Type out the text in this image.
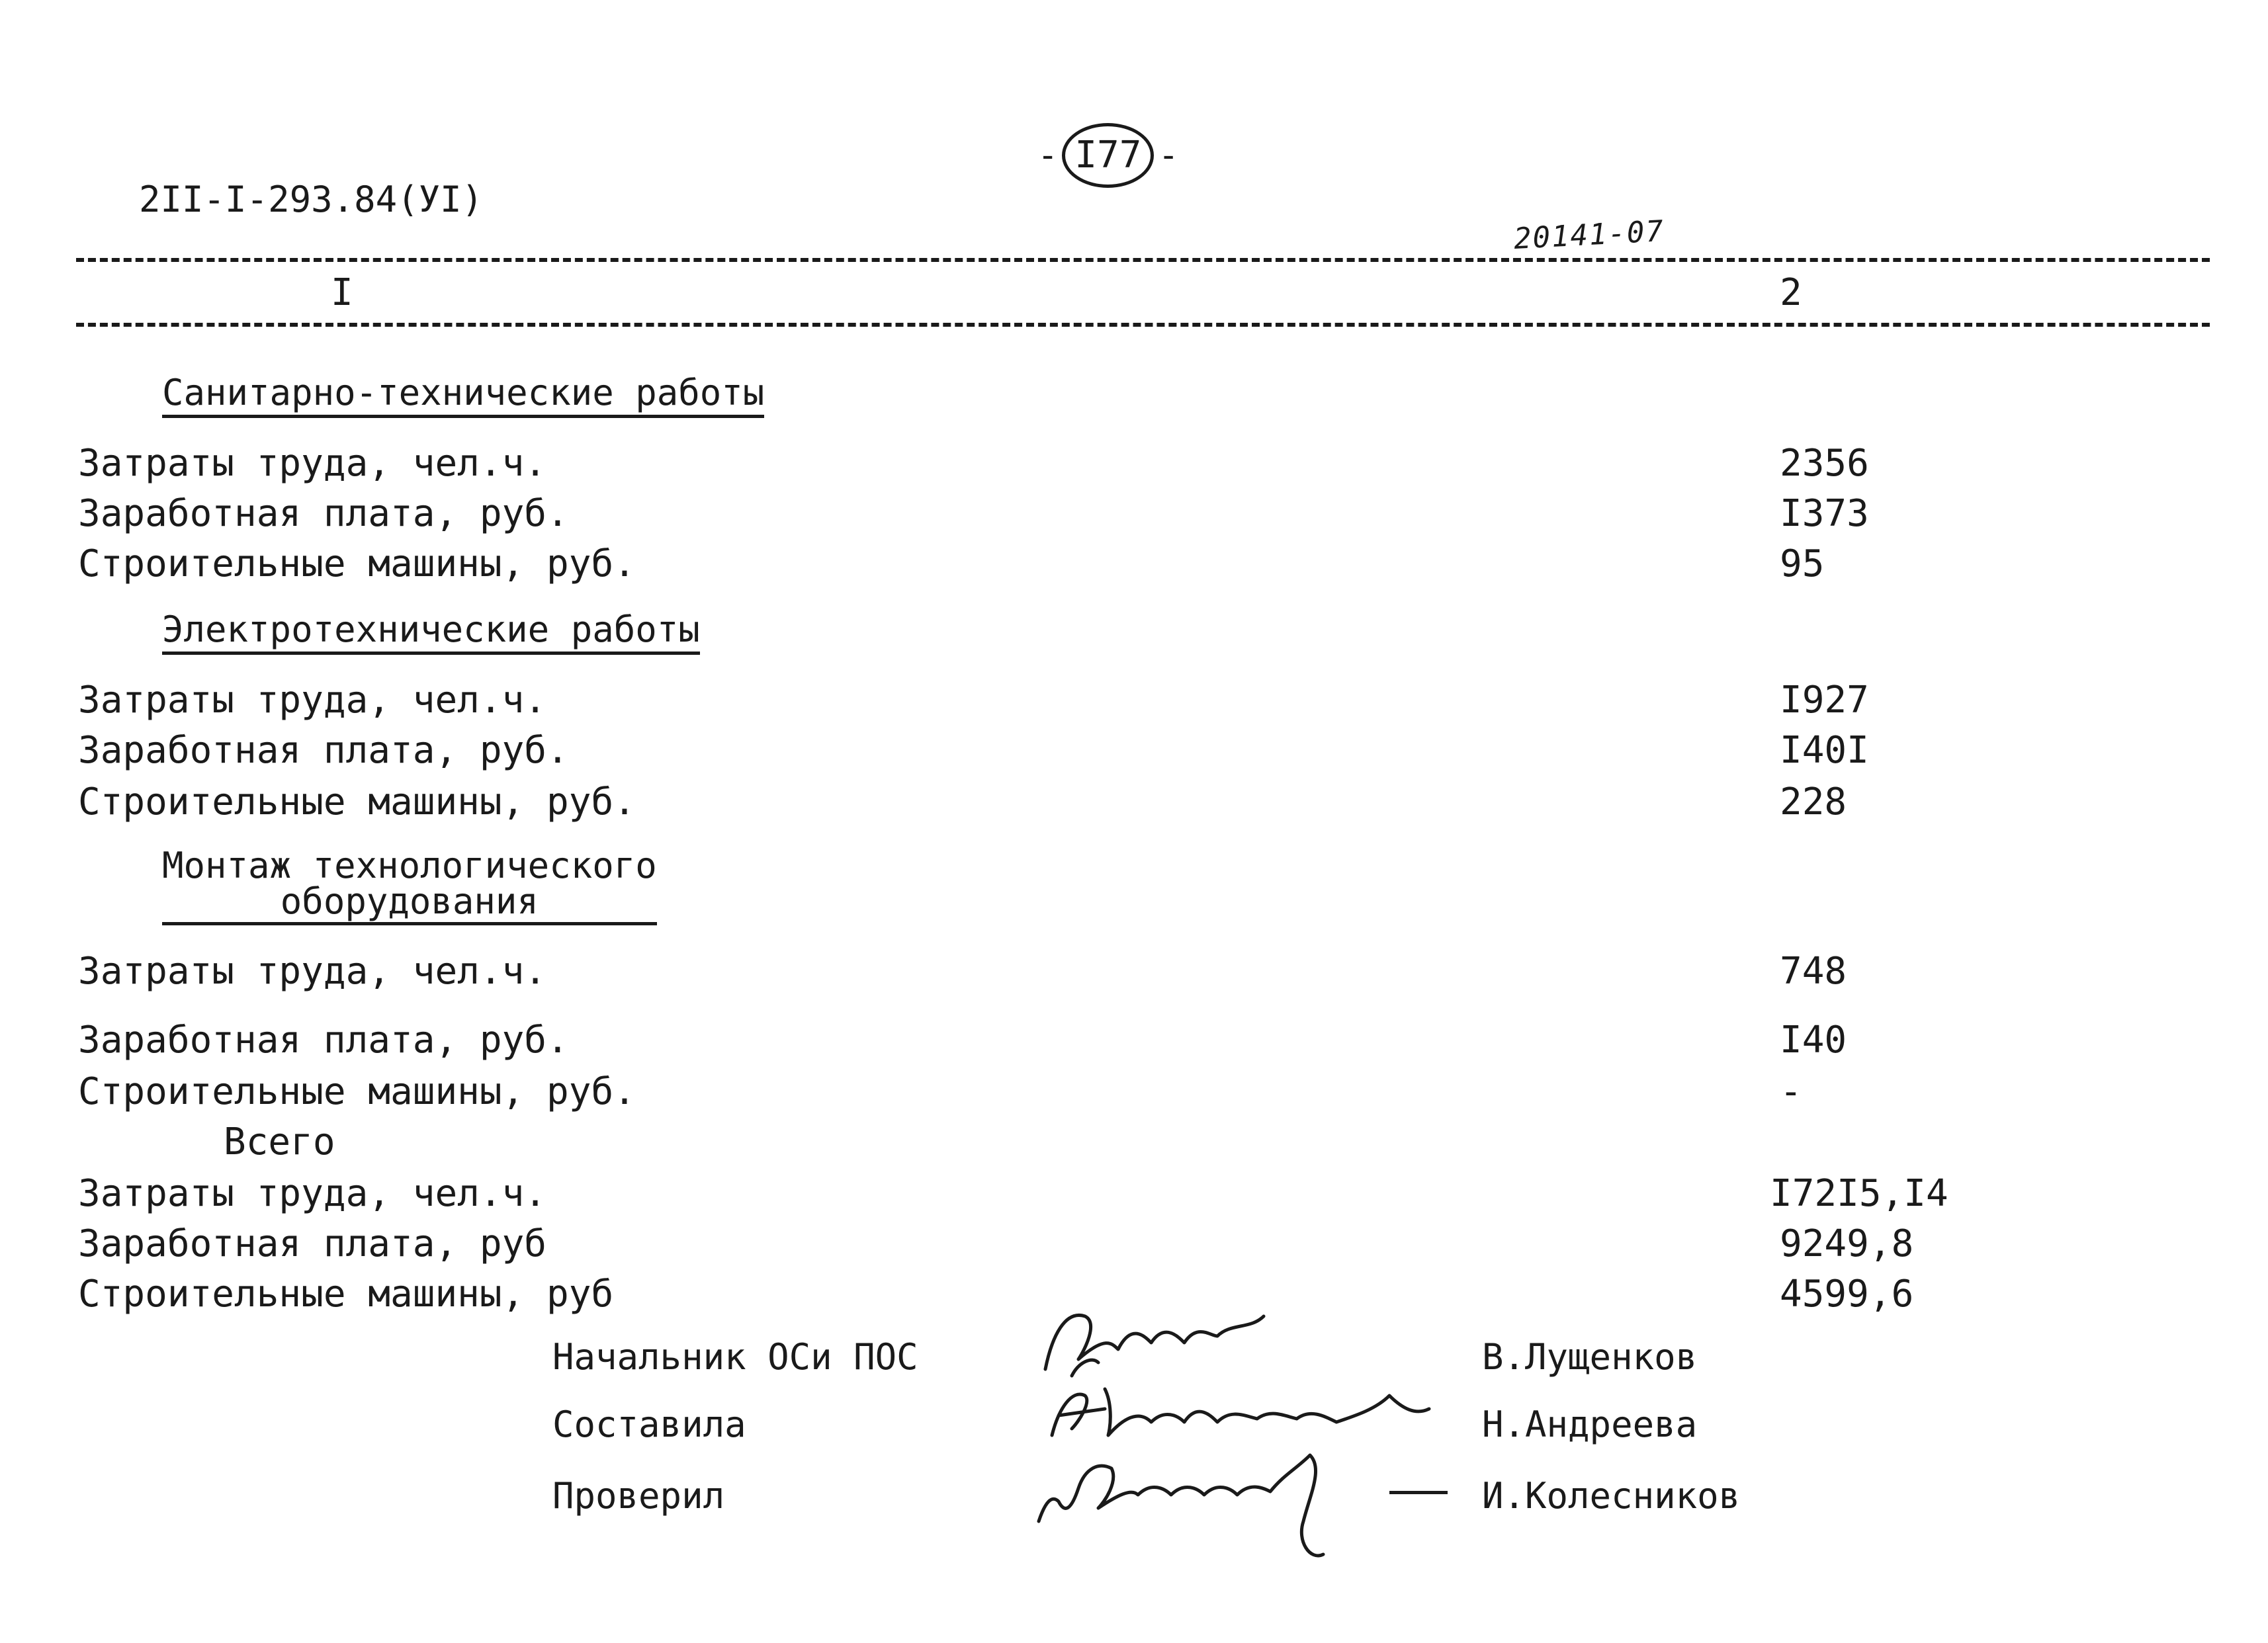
2II-I-293.84(УI)
- I77 -
20141-07
I	2
Санитарно-технические работы
Затраты труда, чел.ч.	2356
Заработная плата, руб.	I373
Строительные машины, руб.	95
Электротехнические работы
Затраты труда, чел.ч.	I927
Заработная плата, руб.	I40I
Строительные машины, руб.	228
Монтаж технологического
оборудования
Затраты труда, чел.ч.	748
Заработная плата, руб.	I40
Строительные машины, руб.	-
Всего
Затраты труда, чел.ч.	I72I5,I4
Заработная плата, руб	9249,8
Строительные машины, руб	4599,6
Начальник ОСи ПОС	В.Лущенков
Составила	Н.Андреева
Проверил	И.Колесников
